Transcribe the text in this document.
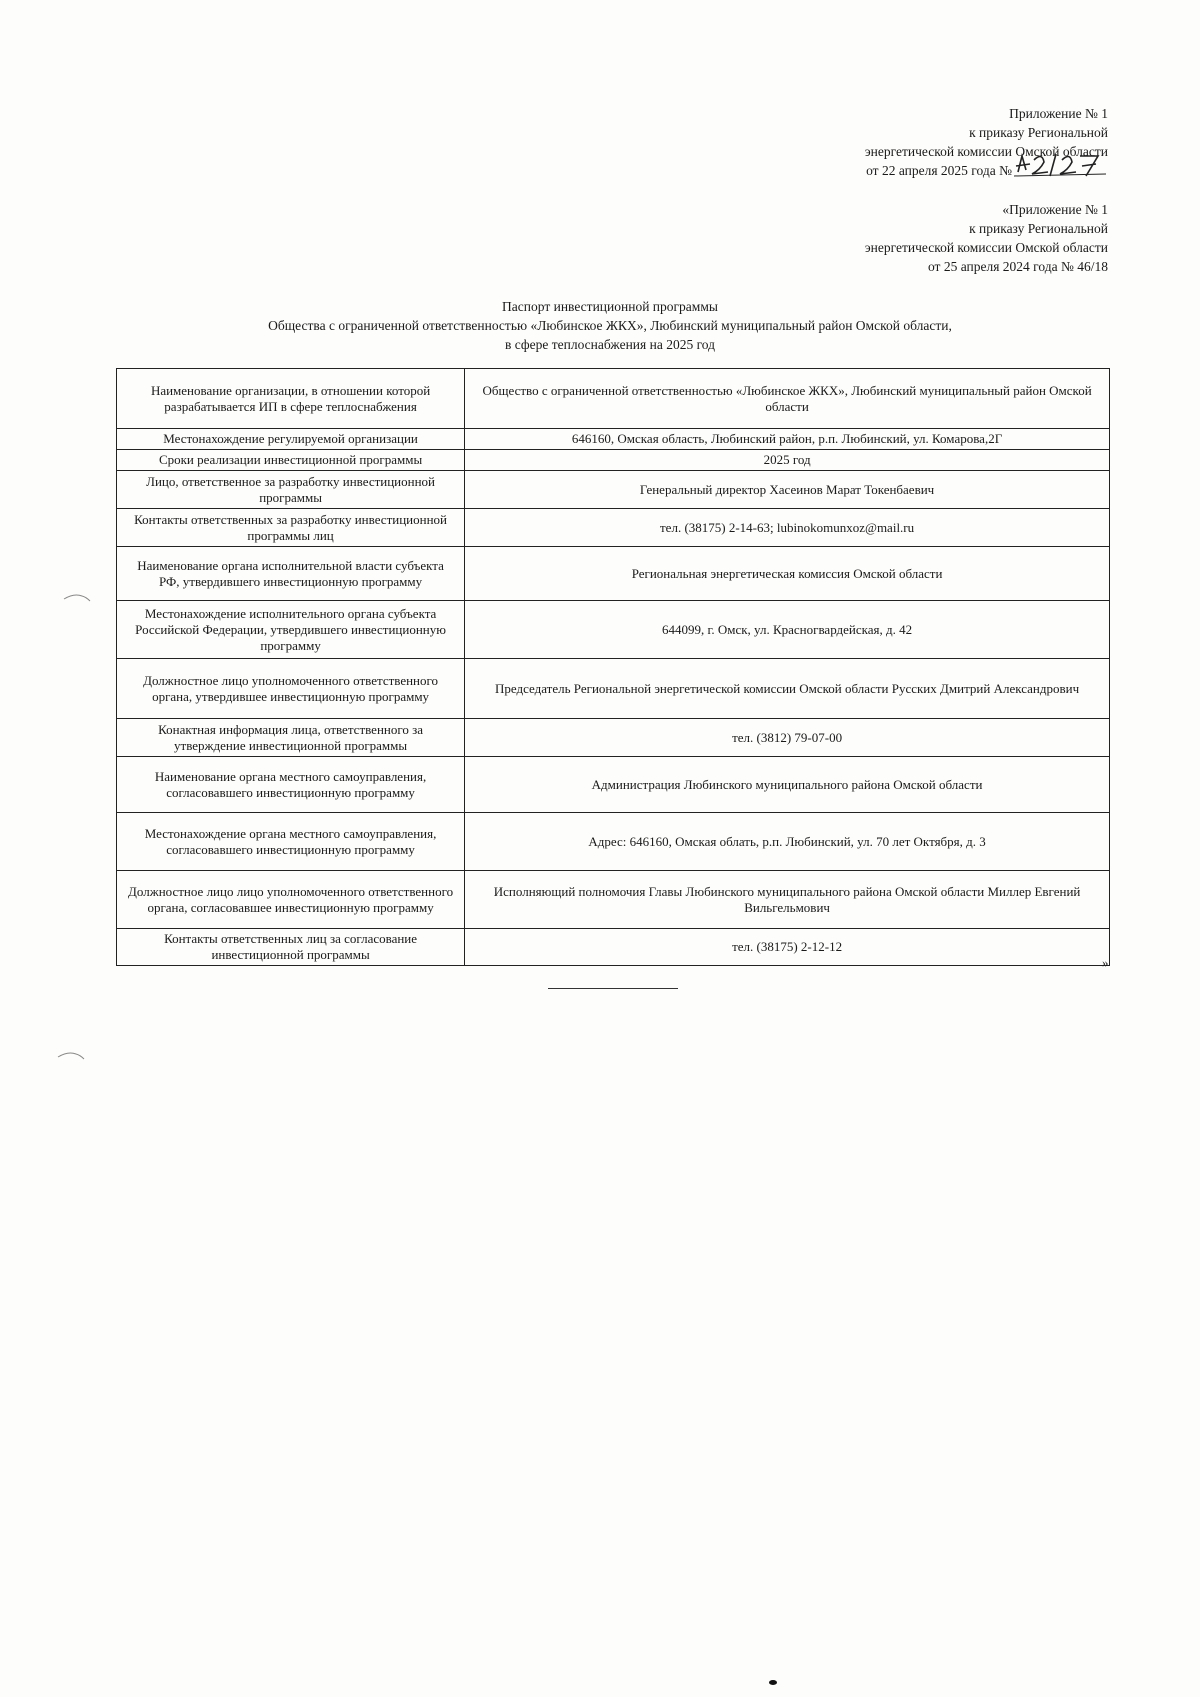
Приложение № 1
к приказу Региональной
энергетической комиссии Омской области
от 22 апреля 2025 года №
«Приложение № 1
к приказу Региональной
энергетической комиссии Омской области
от 25 апреля 2024 года № 46/18
Паспорт инвестиционной программы
Общества с ограниченной ответственностью «Любинское ЖКХ», Любинский муниципальный район Омской области,
в сфере теплоснабжения на 2025 год
Наименование организации, в отношении которой разрабатывается ИП в сфере теплоснабжения	Общество с ограниченной ответственностью «Любинское ЖКХ», Любинский муниципальный район Омской области
Местонахождение регулируемой организации	646160, Омская область, Любинский район, р.п. Любинский, ул. Комарова,2Г
Сроки реализации инвестиционной программы	2025 год
Лицо, ответственное за разработку инвестиционной программы	Генеральный директор Хасеинов Марат Токенбаевич
Контакты ответственных за разработку инвестиционной программы лиц	тел. (38175) 2-14-63; lubinokomunxoz@mail.ru
Наименование органа исполнительной власти субъекта РФ, утвердившего инвестиционную программу	Региональная энергетическая комиссия Омской области
Местонахождение исполнительного органа субъекта Российской Федерации, утвердившего инвестиционную программу	644099, г. Омск, ул. Красногвардейская, д. 42
Должностное лицо уполномоченного ответственного органа, утвердившее инвестиционную программу	Председатель Региональной энергетической комиссии Омской области Русских Дмитрий Александрович
Конактная информация лица, ответственного за утверждение инвестиционной программы	тел. (3812) 79-07-00
Наименование органа местного самоуправления, согласовавшего инвестиционную программу	Администрация Любинского муниципального района Омской области
Местонахождение органа местного самоуправления, согласовавшего инвестиционную программу	Адрес: 646160, Омская облать, р.п. Любинский, ул. 70 лет Октября, д. 3
Должностное лицо лицо уполномоченного ответственного органа, согласовавшее инвестиционную программу	Исполняющий полномочия Главы Любинского муниципального района Омской области Миллер Евгений Вильгельмович
Контакты ответственных лиц за согласование инвестиционной программы	тел. (38175) 2-12-12
»
